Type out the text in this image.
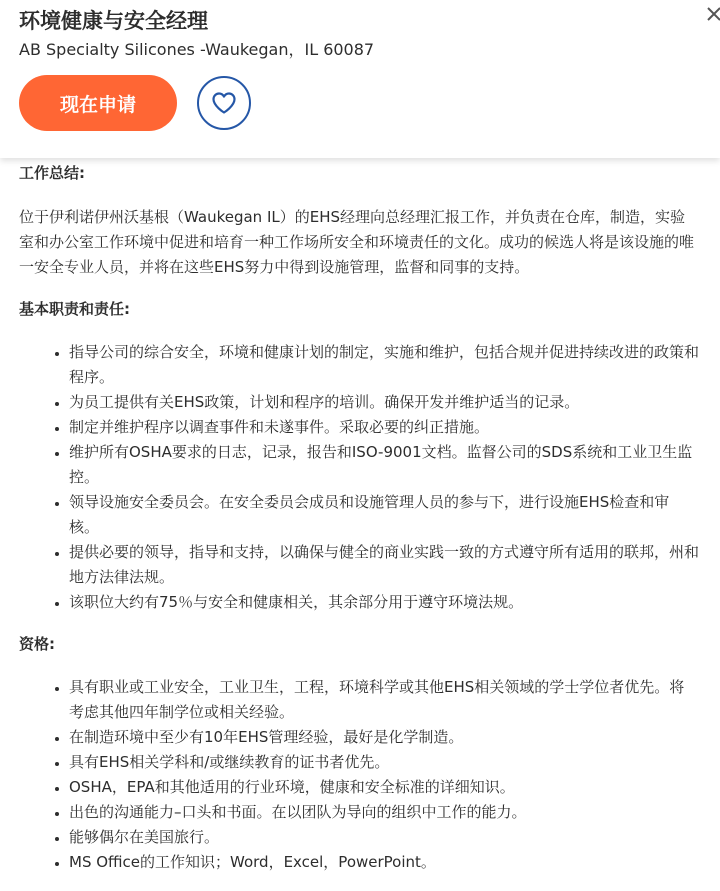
环境健康与安全经理
AB Specialty Silicones -Waukegan，IL 60087
现在申请
工作总结:

位于伊利诺伊州沃基根（Waukegan IL）的EHS经理向总经理汇报工作，并负责在仓库，制造，实验室和办公室工作环境中促进和培育一种工作场所安全和环境责任的文化。成功的候选人将是该设施的唯一安全专业人员，并将在这些EHS努力中得到设施管理，监督和同事的支持。

基本职责和责任:
• 指导公司的综合安全，环境和健康计划的制定，实施和维护，包括合规并促进持续改进的政策和程序。
• 为员工提供有关EHS政策，计划和程序的培训。确保开发并维护适当的记录。
• 制定并维护程序以调查事件和未遂事件。采取必要的纠正措施。
• 维护所有OSHA要求的日志，记录，报告和ISO-9001文档。监督公司的SDS系统和工业卫生监控。
• 领导设施安全委员会。在安全委员会成员和设施管理人员的参与下，进行设施EHS检查和审核。
• 提供必要的领导，指导和支持，以确保与健全的商业实践一致的方式遵守所有适用的联邦，州和地方法律法规。
• 该职位大约有75％与安全和健康相关，其余部分用于遵守环境法规。
资格:
• 具有职业或工业安全，工业卫生，工程，环境科学或其他EHS相关领域的学士学位者优先。将考虑其他四年制学位或相关经验。
• 在制造环境中至少有10年EHS管理经验，最好是化学制造。
• 具有EHS相关学科和/或继续教育的证书者优先。
• OSHA，EPA和其他适用的行业环境，健康和安全标准的详细知识。
• 出色的沟通能力–口头和书面。在以团队为导向的组织中工作的能力。
• 能够偶尔在美国旅行。
• MS Office的工作知识；Word，Excel，PowerPoint。
